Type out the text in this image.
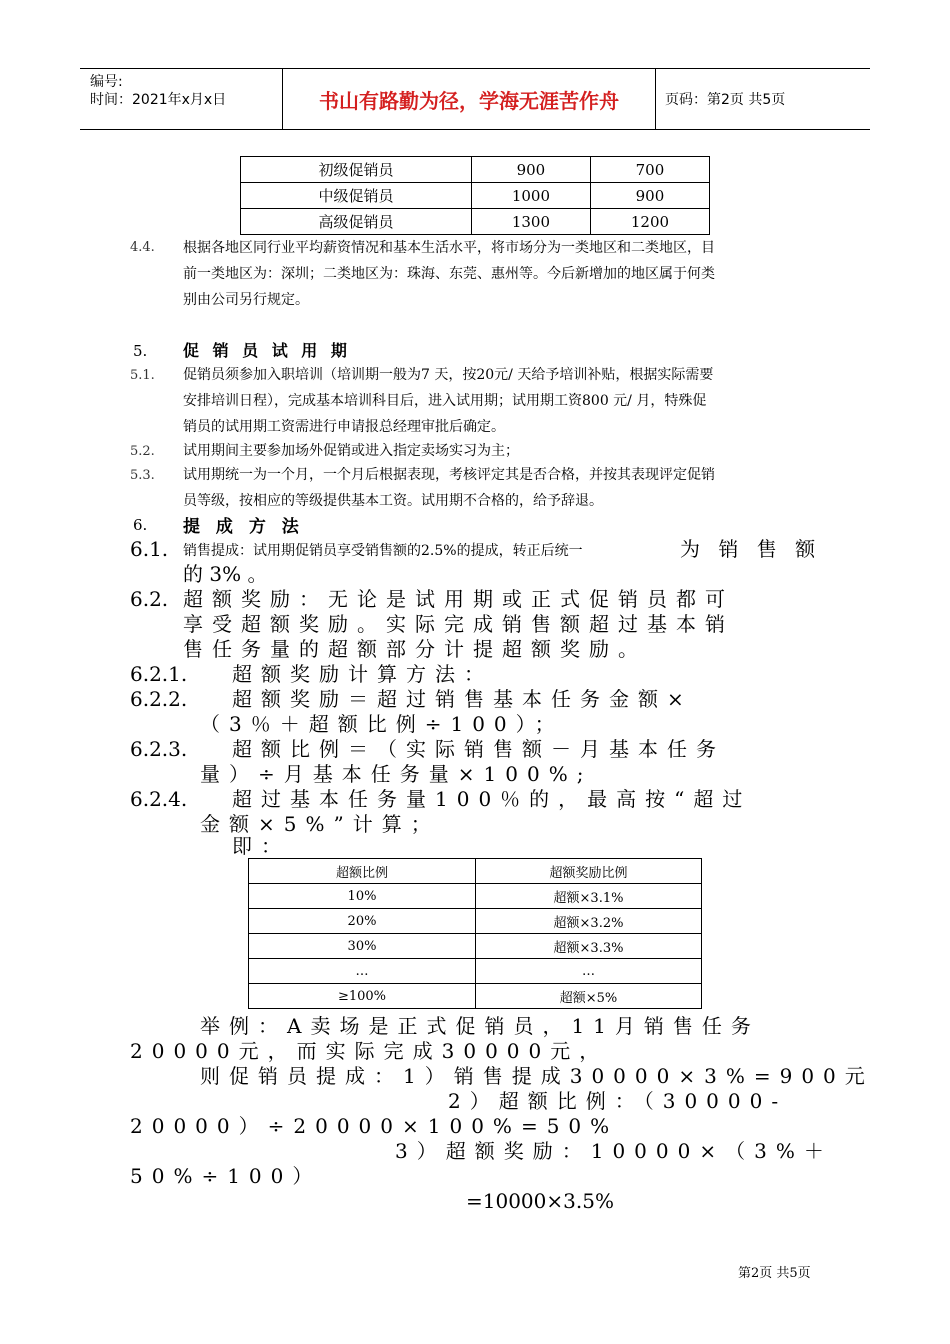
编号:
时间：2021年x月x日	书山有路勤为径，学海无涯苦作舟	页码：第2页 共5页
初级促销员	900	700
中级促销员	1000	900
高级促销员	1300	1200
4.4. 根据各地区同行业平均薪资情况和基本生活水平，将市场分为一类地区和二类地区，目
前一类地区为：深圳；二类地区为：珠海、东莞、惠州等。今后新增加的地区属于何类
别由公司另行规定。
5. 促 销 员 试 用 期
5.1. 促销员须参加入职培训（培训期一般为7 天，按20元/ 天给予培训补贴，根据实际需要
安排培训日程），完成基本培训科目后，进入试用期；试用期工资800 元/ 月，特殊促
销员的试用期工资需进行申请报总经理审批后确定。
5.2. 试用期间主要参加场外促销或进入指定卖场实习为主；
5.3. 试用期统一为一个月，一个月后根据表现，考核评定其是否合格，并按其表现评定促销
员等级，按相应的等级提供基本工资。试用期不合格的，给予辞退。
6. 提 成 方 法
6.1. 销售提成：试用期促销员享受销售额的2.5%的提成，转正后统一	为 销 售 额
的 3% 。
6.2. 超额奖励：无论是试用期或正式促销员都可
享受超额奖励。实际完成销售额超过基本销
售任务量的超额部分计提超额奖励。
6.2.1. 超额奖励计算方法：
6.2.2. 超额奖励＝超过销售基本任务金额×
（3％＋超额比例÷100）；
6.2.3. 超额比例＝（实际销售额－月基本任务
量）÷月基本任务量×100%;
6.2.4. 超过基本任务量100％的，最高按“超过
金额×5%”计算；
即：
超额比例	超额奖励比例
10%	超额×3.1%
20%	超额×3.2%
30%	超额×3.3%
…	…
≥100%	超额×5%
举例：A卖场是正式促销员，11月销售任务
20000元，而实际完成30000元，
则促销员提成：1）销售提成30000×3%=900元
2）超额比例：（30000-
20000）÷20000×100%=50%
3）超额奖励：10000×（3%＋
50%÷100）
=10000×3.5%
第2页 共5页
